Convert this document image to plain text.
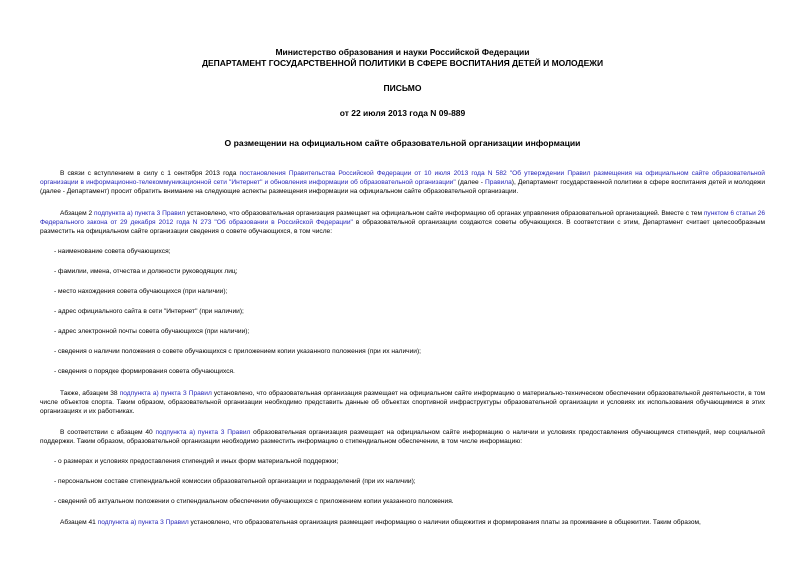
Министерство образования и науки Российской Федерации
ДЕПАРТАМЕНТ ГОСУДАРСТВЕННОЙ ПОЛИТИКИ В СФЕРЕ ВОСПИТАНИЯ ДЕТЕЙ И МОЛОДЕЖИ
ПИСЬМО
от 22 июля 2013 года N 09-889
О размещении на официальном сайте образовательной организации информации

В связи с вступлением в силу с 1 сентября 2013 года постановления Правительства Российской Федерации от 10 июля 2013 года N 582 "Об утверждении Правил размещения на официальном сайте образовательной организации в информационно-телекоммуникационной сети "Интернет" и обновления информации об образовательной организации" (далее - Правила), Департамент государственной политики в сфере воспитания детей и молодежи (далее - Департамент) просит обратить внимание на следующие аспекты размещения информации на официальном сайте образовательной организации.

Абзацем 2 подпункта а) пункта 3 Правил установлено, что образовательная организация размещает на официальном сайте информацию об органах управления образовательной организацией. Вместе с тем пунктом 6 статьи 26 Федерального закона от 29 декабря 2012 года N 273 "Об образовании в Российской Федерации" в образовательной организации создаются советы обучающихся. В соответствии с этим, Департамент считает целесообразным разместить на официальном сайте организации сведения о совете обучающихся, в том числе:

- наименование совета обучающихся;

- фамилии, имена, отчества и должности руководящих лиц;

- место нахождения совета обучающихся (при наличии);

- адрес официального сайта в сети "Интернет" (при наличии);

- адрес электронной почты совета обучающихся (при наличии);

- сведения о наличии положения о совете обучающихся с приложением копии указанного положения (при их наличии);

- сведения о порядке формирования совета обучающихся.

Также, абзацем 38 подпункта а) пункта 3 Правил установлено, что образовательная организация размещает на официальном сайте информацию о материально-техническом обеспечении образовательной деятельности, в том числе объектов спорта. Таким образом, образовательной организации необходимо представить данные об объектах спортивной инфраструктуры образовательной организации и условиях их использования обучающимися в этих организациях и их работниках.

В соответствии с абзацем 40 подпункта а) пункта 3 Правил образовательная организация размещает на официальном сайте информацию о наличии и условиях предоставления обучающимся стипендий, мер социальной поддержки. Таким образом, образовательной организации необходимо разместить информацию о стипендиальном обеспечении, в том числе информацию:

- о размерах и условиях предоставления стипендий и иных форм материальной поддержки;

- персональном составе стипендиальной комиссии образовательной организации и подразделений (при их наличии);

- сведений об актуальном положении о стипендиальном обеспечении обучающихся с приложением копии указанного положения.

Абзацем 41 подпункта а) пункта 3 Правил установлено, что образовательная организация размещает информацию о наличии общежития и формирования платы за проживание в общежитии. Таким образом,
